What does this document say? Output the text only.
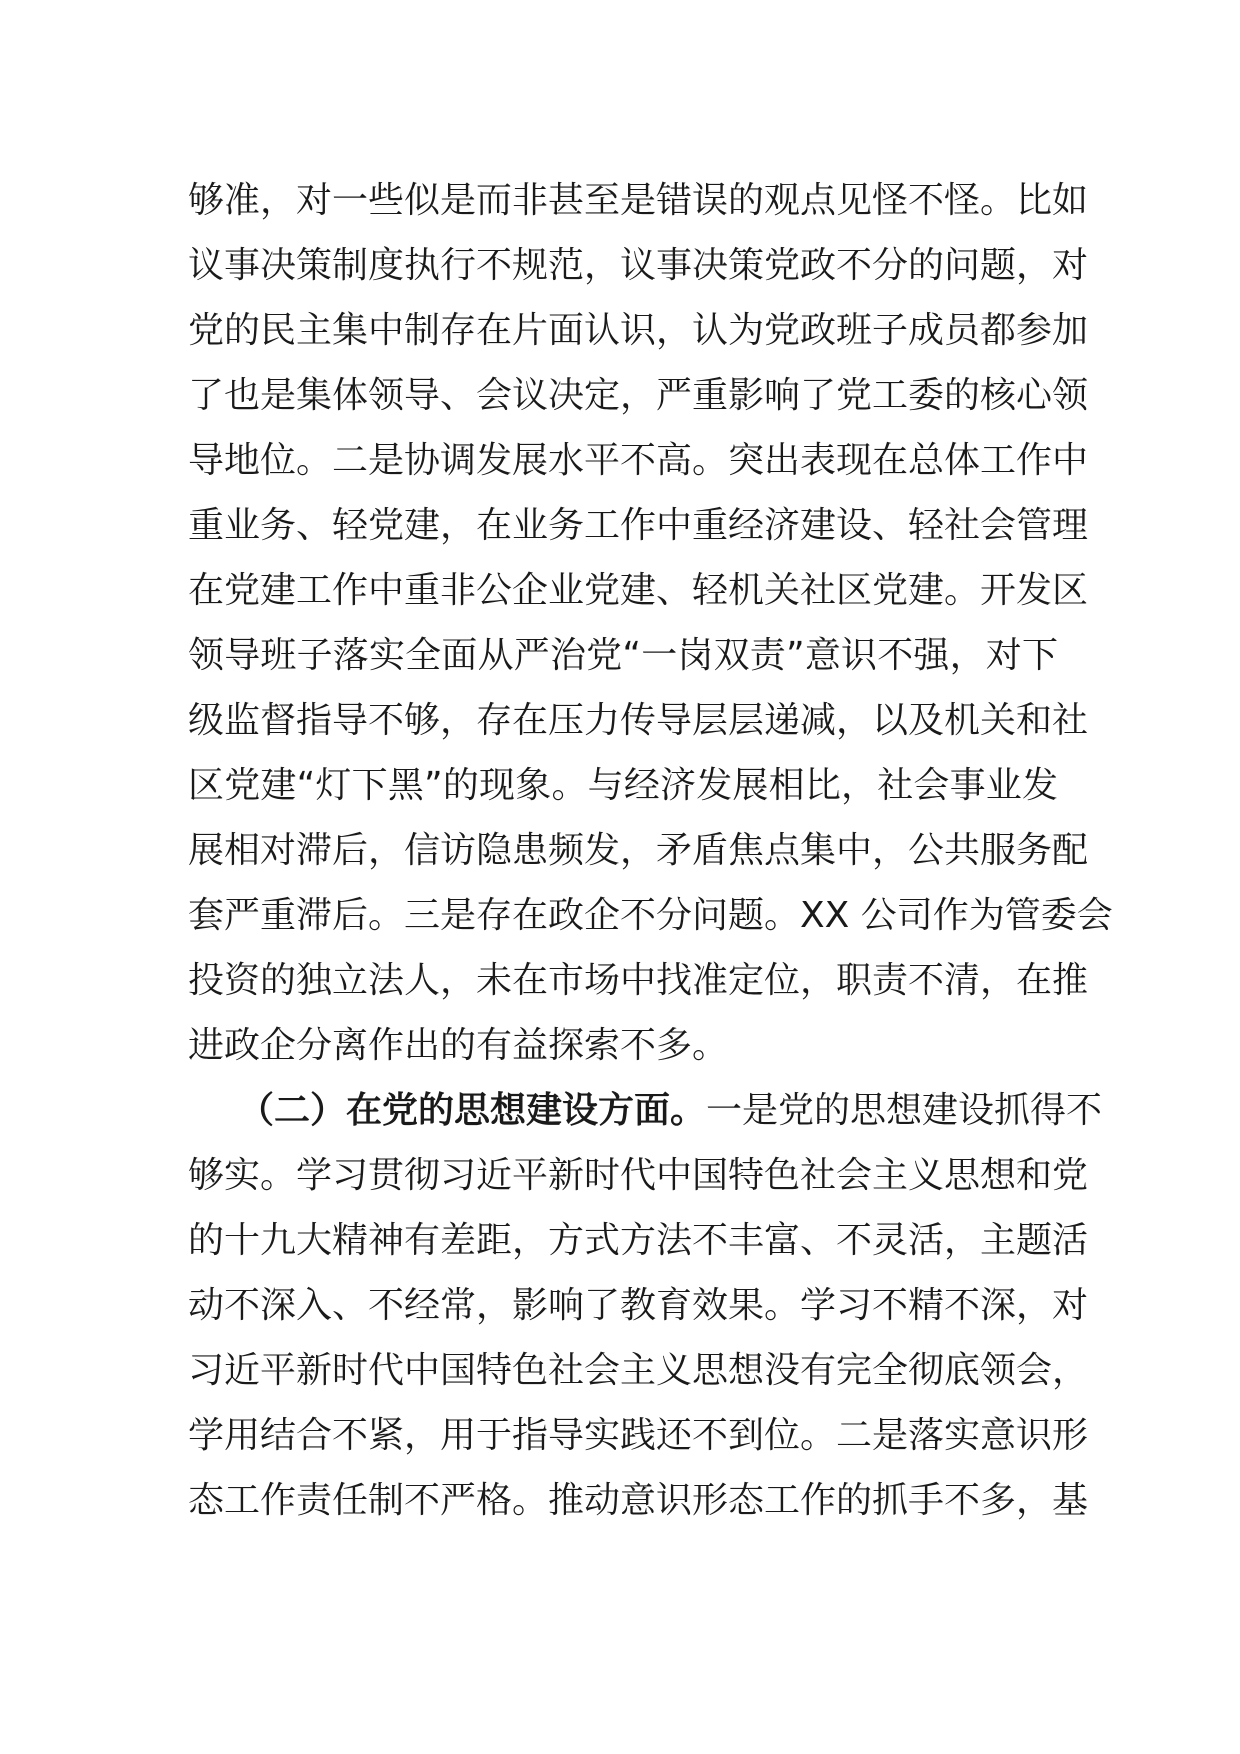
够准，对一些似是而非甚至是错误的观点见怪不怪。比如
议事决策制度执行不规范，议事决策党政不分的问题，对
党的民主集中制存在片面认识，认为党政班子成员都参加
了也是集体领导、会议决定，严重影响了党工委的核心领
导地位。二是协调发展水平不高。突出表现在总体工作中
重业务、轻党建，在业务工作中重经济建设、轻社会管理
在党建工作中重非公企业党建、轻机关社区党建。开发区
领导班子落实全面从严治党“一岗双责”意识不强，对下
级监督指导不够，存在压力传导层层递减，以及机关和社
区党建“灯下黑”的现象。与经济发展相比，社会事业发
展相对滞后，信访隐患频发，矛盾焦点集中，公共服务配
套严重滞后。三是存在政企不分问题。XX 公司作为管委会
投资的独立法人，未在市场中找准定位，职责不清，在推
进政企分离作出的有益探索不多。
（二）在党的思想建设方面。一是党的思想建设抓得不
够实。学习贯彻习近平新时代中国特色社会主义思想和党
的十九大精神有差距，方式方法不丰富、不灵活，主题活
动不深入、不经常，影响了教育效果。学习不精不深，对
习近平新时代中国特色社会主义思想没有完全彻底领会，
学用结合不紧，用于指导实践还不到位。二是落实意识形
态工作责任制不严格。推动意识形态工作的抓手不多，基
